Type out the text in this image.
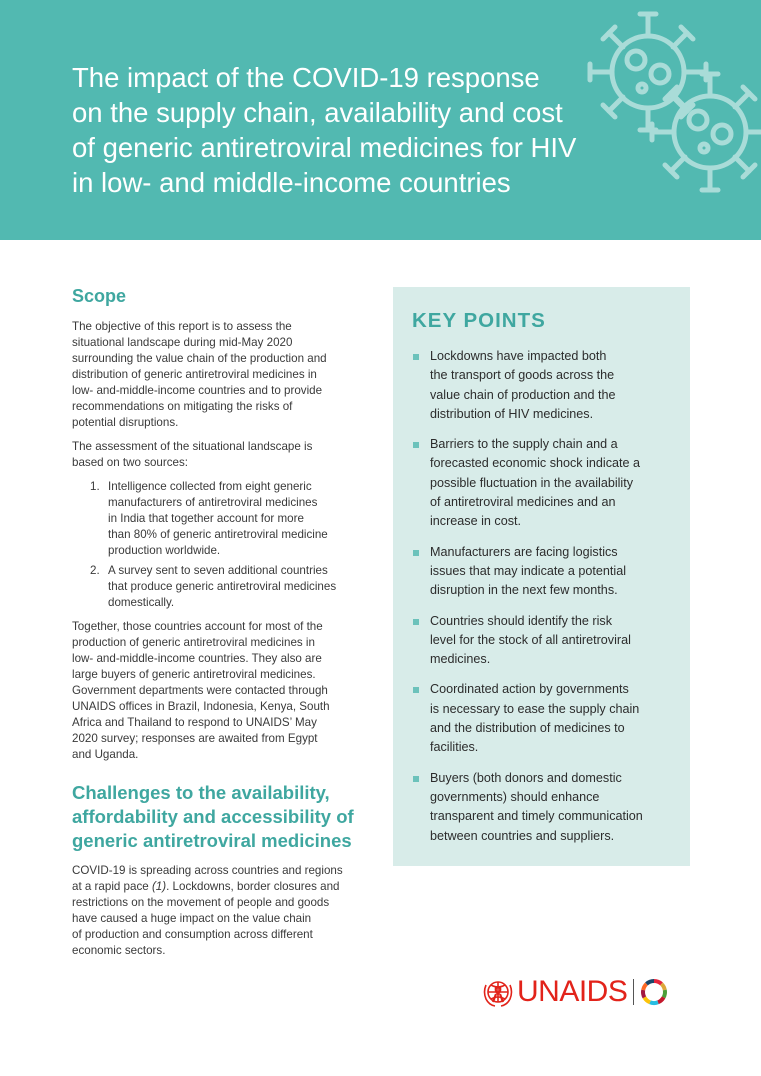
The impact of the COVID-19 response
on the supply chain, availability and cost
of generic antiretroviral medicines for HIV
in low- and middle-income countries
Scope

The objective of this report is to assess the
situational landscape during mid-May 2020
surrounding the value chain of the production and
distribution of generic antiretroviral medicines in
low- and-middle-income countries and to provide
recommendations on mitigating the risks of
potential disruptions.

The assessment of the situational landscape is
based on two sources:

1. Intelligence collected from eight generic
manufacturers of antiretroviral medicines
in India that together account for more
than 80% of generic antiretroviral medicine
production worldwide.
2. A survey sent to seven additional countries
that produce generic antiretroviral medicines
domestically.

Together, those countries account for most of the
production of generic antiretroviral medicines in
low- and-middle-income countries. They also are
large buyers of generic antiretroviral medicines.
Government departments were contacted through
UNAIDS offices in Brazil, Indonesia, Kenya, South
Africa and Thailand to respond to UNAIDS’ May
2020 survey; responses are awaited from Egypt
and Uganda.

Challenges to the availability,
affordability and accessibility of
generic antiretroviral medicines

COVID-19 is spreading across countries and regions
at a rapid pace (1). Lockdowns, border closures and
restrictions on the movement of people and goods
have caused a huge impact on the value chain
of production and consumption across different
economic sectors.

KEY POINTS
Lockdowns have impacted both
the transport of goods across the
value chain of production and the
distribution of HIV medicines.
Barriers to the supply chain and a
forecasted economic shock indicate a
possible fluctuation in the availability
of antiretroviral medicines and an
increase in cost.
Manufacturers are facing logistics
issues that may indicate a potential
disruption in the next few months.
Countries should identify the risk
level for the stock of all antiretroviral
medicines.
Coordinated action by governments
is necessary to ease the supply chain
and the distribution of medicines to
facilities.
Buyers (both donors and domestic
governments) should enhance
transparent and timely communication
between countries and suppliers.
UNAIDS
